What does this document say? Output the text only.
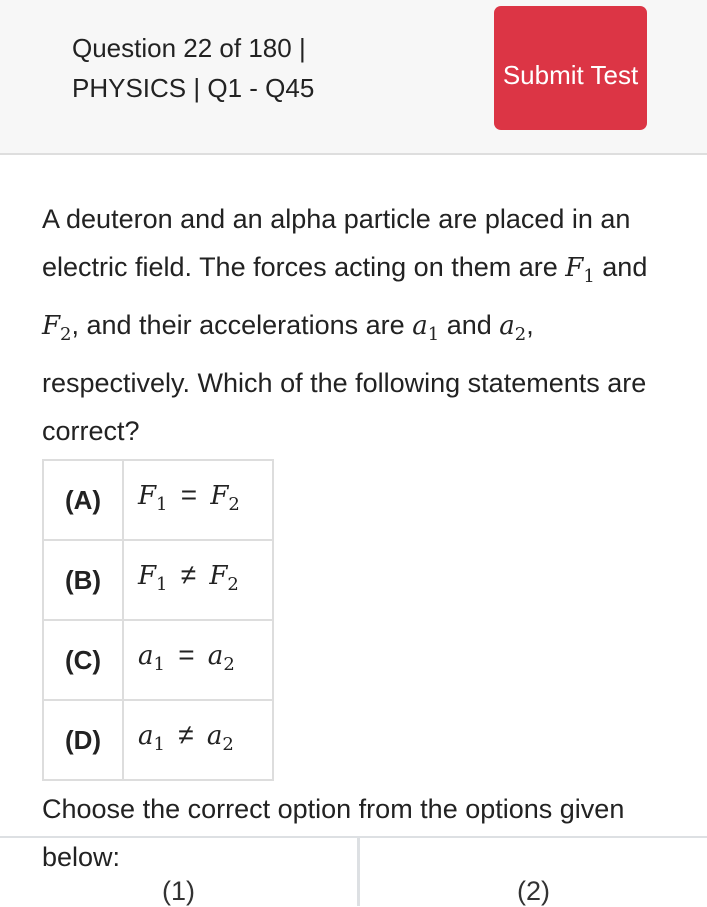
Question 22 of 180 |
PHYSICS | Q1 - Q45	Submit Test
A deuteron and an alpha particle are placed in an electric field. The forces acting on them are $F_1$ and $F_2$, and their accelerations are $a_1$ and $a_2$, respectively. Which of the following statements are correct?
(A)	$F_1 = F_2$
(B)	$F_1 \ne F_2$
(C)	$a_1 = a_2$
(D)	$a_1 \ne a_2$
Choose the correct option from the options given below:
(1)	(2)
